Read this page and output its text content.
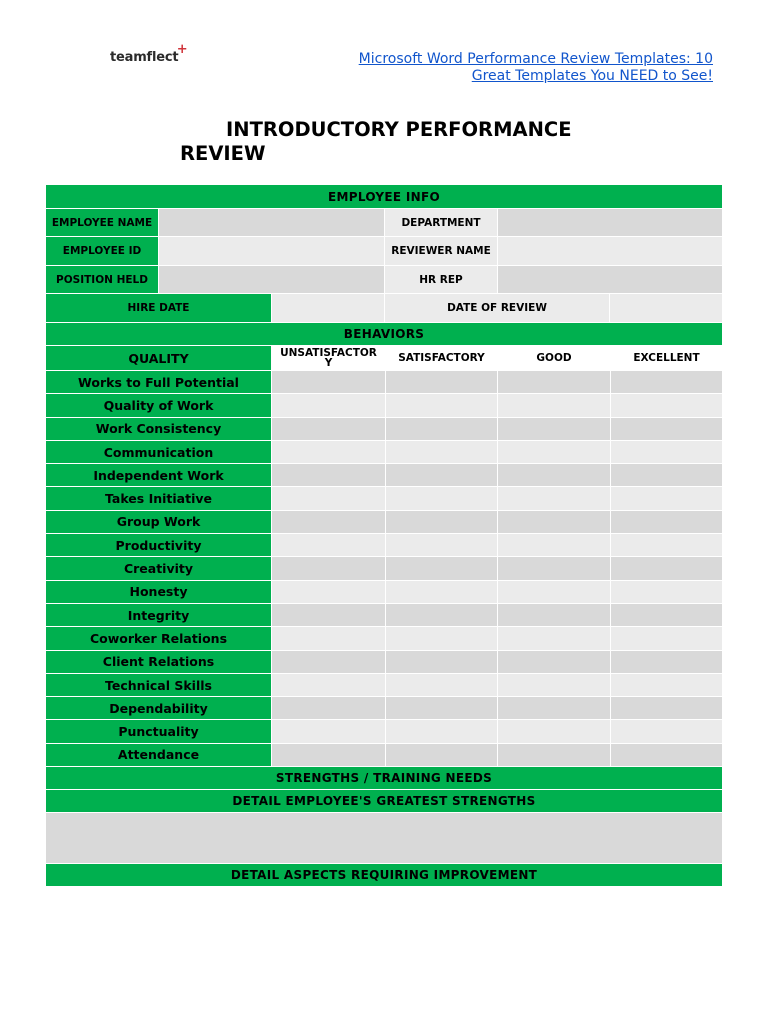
teamflect
+
Microsoft Word Performance Review Templates: 10 Great Templates You NEED to See!
INTRODUCTORY PERFORMANCE
REVIEW
EMPLOYEE INFO
EMPLOYEE NAME	DEPARTMENT
EMPLOYEE ID	REVIEWER NAME
POSITION HELD	HR REP
HIRE DATE	DATE OF REVIEW
BEHAVIORS
QUALITY	UNSATISFACTORY	SATISFACTORY	GOOD	EXCELLENT
Works to Full Potential
Quality of Work
Work Consistency
Communication
Independent Work
Takes Initiative
Group Work
Productivity
Creativity
Honesty
Integrity
Coworker Relations
Client Relations
Technical Skills
Dependability
Punctuality
Attendance
STRENGTHS / TRAINING NEEDS
DETAIL EMPLOYEE'S GREATEST STRENGTHS
DETAIL ASPECTS REQUIRING IMPROVEMENT
